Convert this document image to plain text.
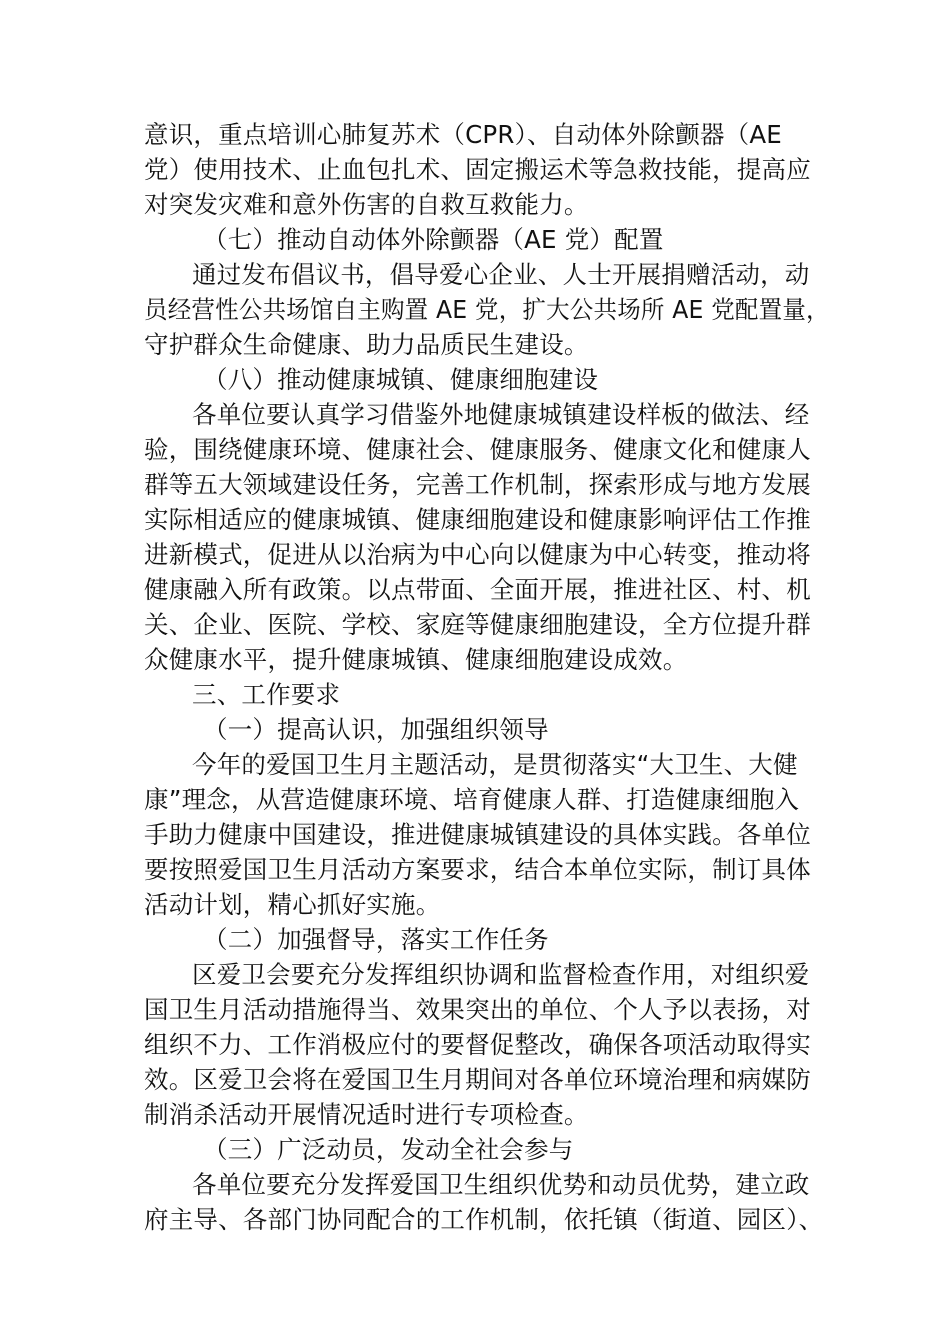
意识，重点培训心肺复苏术（CPR）、自动体外除颤器（AE
党）使用技术、止血包扎术、固定搬运术等急救技能，提高应
对突发灾难和意外伤害的自救互救能力。
（七）推动自动体外除颤器（AE 党）配置
通过发布倡议书，倡导爱心企业、人士开展捐赠活动，动
员经营性公共场馆自主购置 AE 党，扩大公共场所 AE 党配置量，
守护群众生命健康、助力品质民生建设。
（八）推动健康城镇、健康细胞建设
各单位要认真学习借鉴外地健康城镇建设样板的做法、经
验，围绕健康环境、健康社会、健康服务、健康文化和健康人
群等五大领域建设任务，完善工作机制，探索形成与地方发展
实际相适应的健康城镇、健康细胞建设和健康影响评估工作推
进新模式，促进从以治病为中心向以健康为中心转变，推动将
健康融入所有政策。以点带面、全面开展，推进社区、村、机
关、企业、医院、学校、家庭等健康细胞建设，全方位提升群
众健康水平，提升健康城镇、健康细胞建设成效。
三、工作要求
（一）提高认识，加强组织领导
今年的爱国卫生月主题活动，是贯彻落实“大卫生、大健
康”理念，从营造健康环境、培育健康人群、打造健康细胞入
手助力健康中国建设，推进健康城镇建设的具体实践。各单位
要按照爱国卫生月活动方案要求，结合本单位实际，制订具体
活动计划，精心抓好实施。
（二）加强督导，落实工作任务
区爱卫会要充分发挥组织协调和监督检查作用，对组织爱
国卫生月活动措施得当、效果突出的单位、个人予以表扬，对
组织不力、工作消极应付的要督促整改，确保各项活动取得实
效。区爱卫会将在爱国卫生月期间对各单位环境治理和病媒防
制消杀活动开展情况适时进行专项检查。
（三）广泛动员，发动全社会参与
各单位要充分发挥爱国卫生组织优势和动员优势，建立政
府主导、各部门协同配合的工作机制，依托镇（街道、园区）、
